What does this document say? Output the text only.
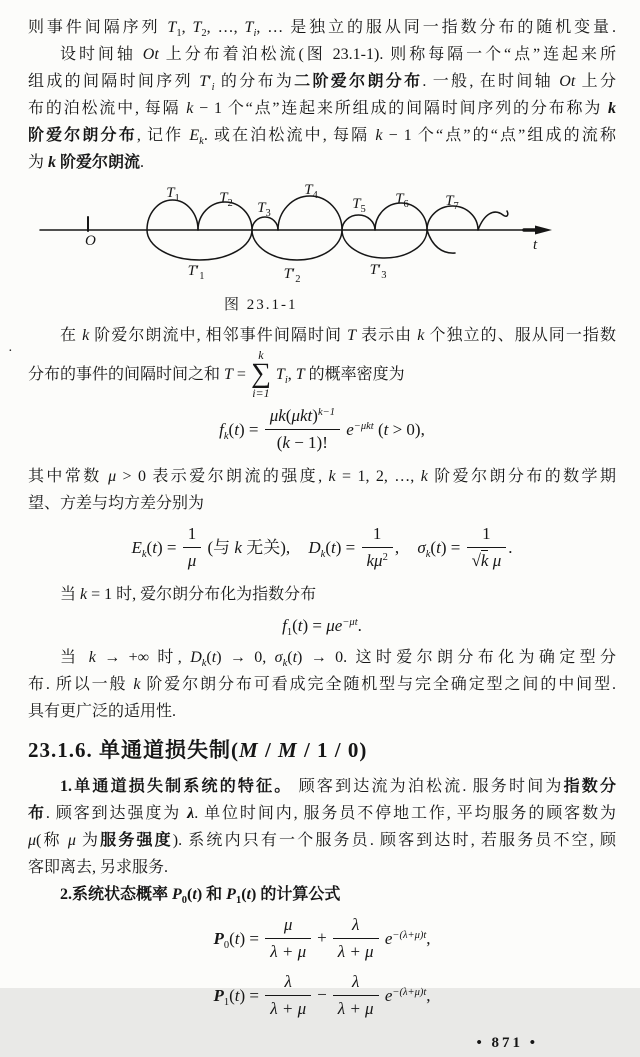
·
则事件间隔序列 $T_1$, $T_2$, …, $T_i$, … 是独立的服从同一指数分布的随机变量.
设时间轴 Ot 上分布着泊松流(图 23.1-1). 则称每隔一个“点”连起来所
组成的间隔时间序列 $T'_i$ 的分布为二阶爱尔朗分布. 一般, 在时间轴 Ot 上分
布的泊松流中, 每隔 k − 1 个“点”连起来所组成的间隔时间序列的分布称为 k
阶爱尔朗分布, 记作 $E_k$. 或在泊松流中, 每隔 k − 1 个“点”的“点”组成的流称
为 k 阶爱尔朗流.
$T_1$	$T_2$ $T_3$
$T_4$
$T_5$
$T_6$ $T_7$
$T'_1$	$T'_2$
$T'_3$
O	t
图 23.1-1
在 k 阶爱尔朗流中, 相邻事件间隔时间 T 表示由 k 个独立的、服从同一指数
分布的事件的间隔时间之和 T =
k
∑
i=1
$T_i$, T 的概率密度为
$f_k(t) = \frac{\mu k(\mu kt)^{k-1}}{(k - 1)!} e^{-\mu kt}$ (t > 0),
其中常数 μ > 0 表示爱尔朗流的强度, k = 1, 2, …, k 阶爱尔朗分布的数学期
望、方差与均方差分别为
$E_k(t) = \frac{1}{\mu}$ (与 k 无关), $D_k(t) = \frac{1}{k\mu^2}$ , $\sigma_k(t) = \frac{1}{\text{√k μ}}$ .
当 k = 1 时, 爱尔朗分布化为指数分布
$f_1(t) = \mu e^{-\mu t}$.
当 k → +∞ 时, $D_k(t) \to 0$, $\sigma_k(t) \to 0$. 这时爱尔朗分布化为确定型分
布. 所以一般 k 阶爱尔朗分布可看成完全随机型与完全确定型之间的中间型.
具有更广泛的适用性.
23.1.6. 单通道损失制(M / M / 1 / 0)
1.单通道损失制系统的特征。 顾客到达流为泊松流. 服务时间为指数分
布. 顾客到达强度为 λ. 单位时间内, 服务员不停地工作, 平均服务的顾客数为
μ(称 μ 为服务强度). 系统内只有一个服务员. 顾客到达时, 若服务员不空, 顾
客即离去, 另求服务.
2.系统状态概率 $P_0(t)$ 和 $P_1(t)$ 的计算公式
$P_0(t) = \frac{\mu}{\lambda + \mu} + \frac{\lambda}{\lambda + \mu} e^{-(\lambda+\mu)t}$,
$P_1(t) = \frac{\lambda}{\lambda + \mu} - \frac{\lambda}{\lambda + \mu} e^{-(\lambda+\mu)t}$,
• 871 •
